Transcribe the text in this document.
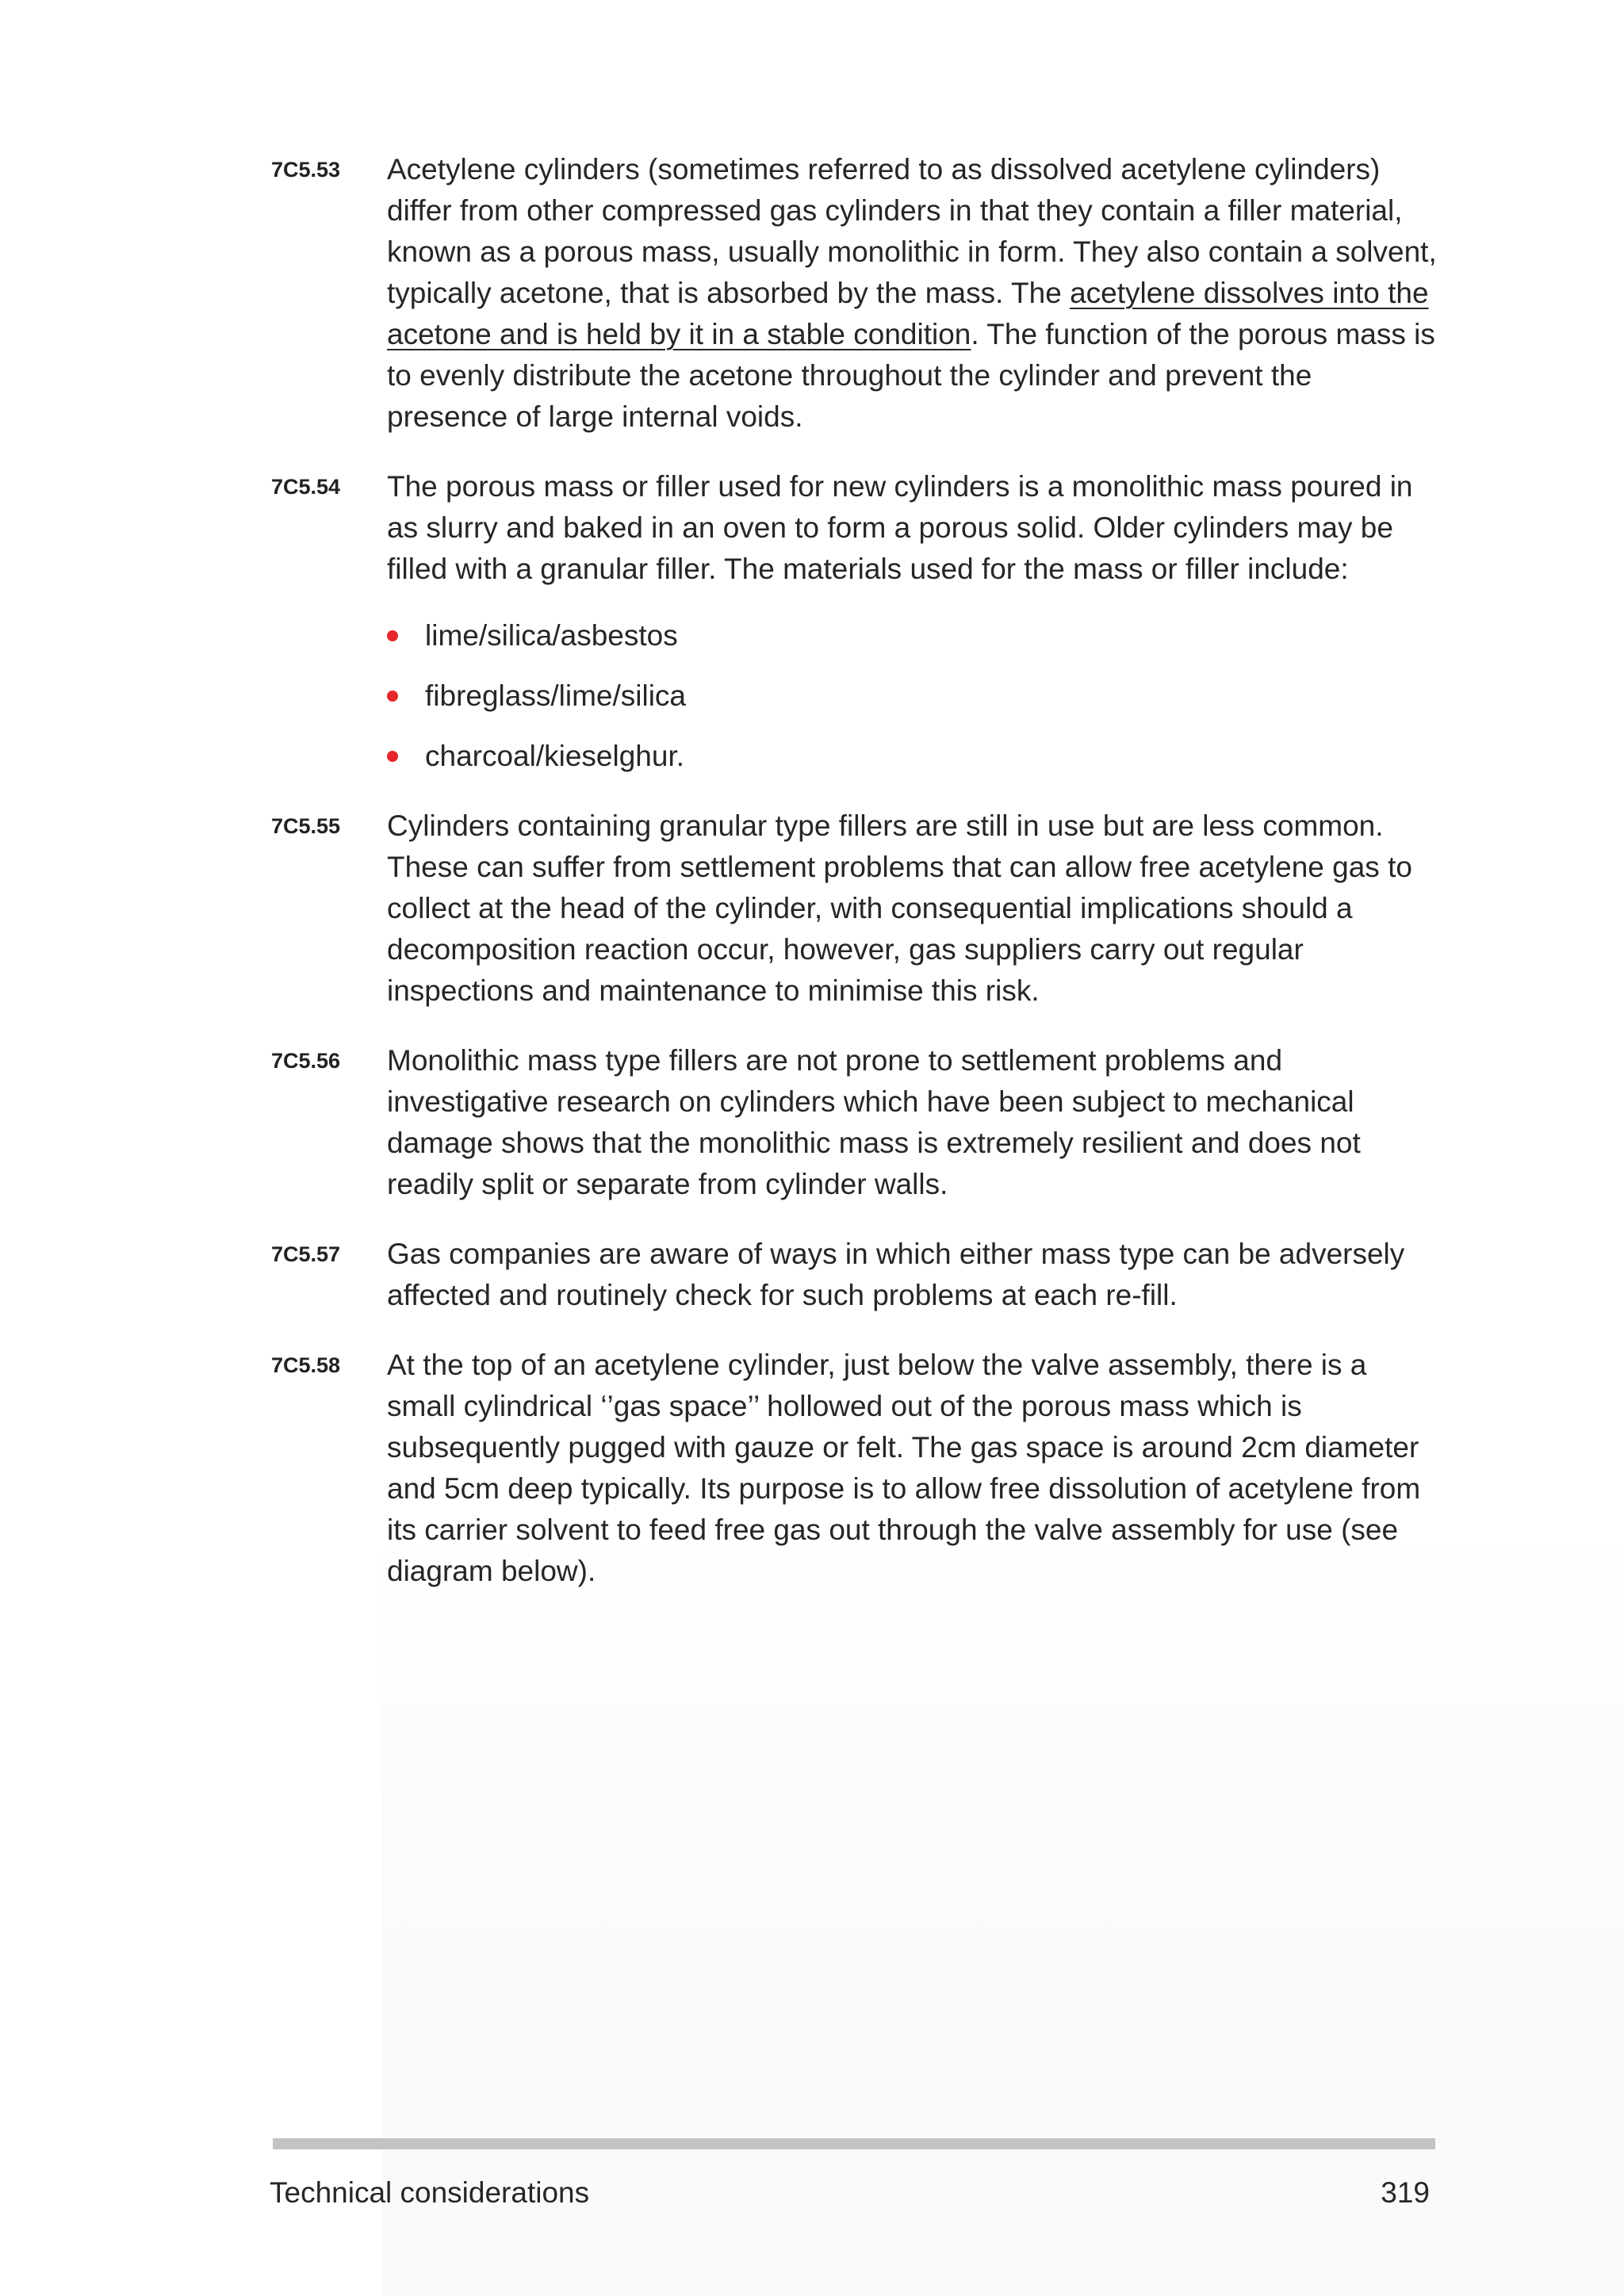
7C5.53	Acetylene cylinders (sometimes referred to as dissolved acetylene cylinders) differ from other compressed gas cylinders in that they contain a filler material, known as a porous mass, usually monolithic in form. They also contain a solvent, typically acetone, that is absorbed by the mass. The acetylene dissolves into the acetone and is held by it in a stable condition. The function of the porous mass is to evenly distribute the acetone throughout the cylinder and prevent the presence of large internal voids.

7C5.54	The porous mass or filler used for new cylinders is a monolithic mass poured in as slurry and baked in an oven to form a porous solid. Older cylinders may be filled with a granular filler. The materials used for the mass or filler include:

lime/silica/asbestos
fibreglass/lime/silica
charcoal/kieselghur.
7C5.55	Cylinders containing granular type fillers are still in use but are less common. These can suffer from settlement problems that can allow free acetylene gas to collect at the head of the cylinder, with consequential implications should a decomposition reaction occur, however, gas suppliers carry out regular inspections and maintenance to minimise this risk.

7C5.56	Monolithic mass type fillers are not prone to settlement problems and investigative research on cylinders which have been subject to mechanical damage shows that the monolithic mass is extremely resilient and does not readily split or separate from cylinder walls.

7C5.57	Gas companies are aware of ways in which either mass type can be adversely affected and routinely check for such problems at each re-fill.

7C5.58	At the top of an acetylene cylinder, just below the valve assembly, there is a small cylindrical ‘’gas space’’ hollowed out of the porous mass which is subsequently pugged with gauze or felt. The gas space is around 2cm diameter and 5cm deep typically. Its purpose is to allow free dissolution of acetylene from its carrier solvent to feed free gas out through the valve assembly for use (see diagram below).

Technical considerations	319
